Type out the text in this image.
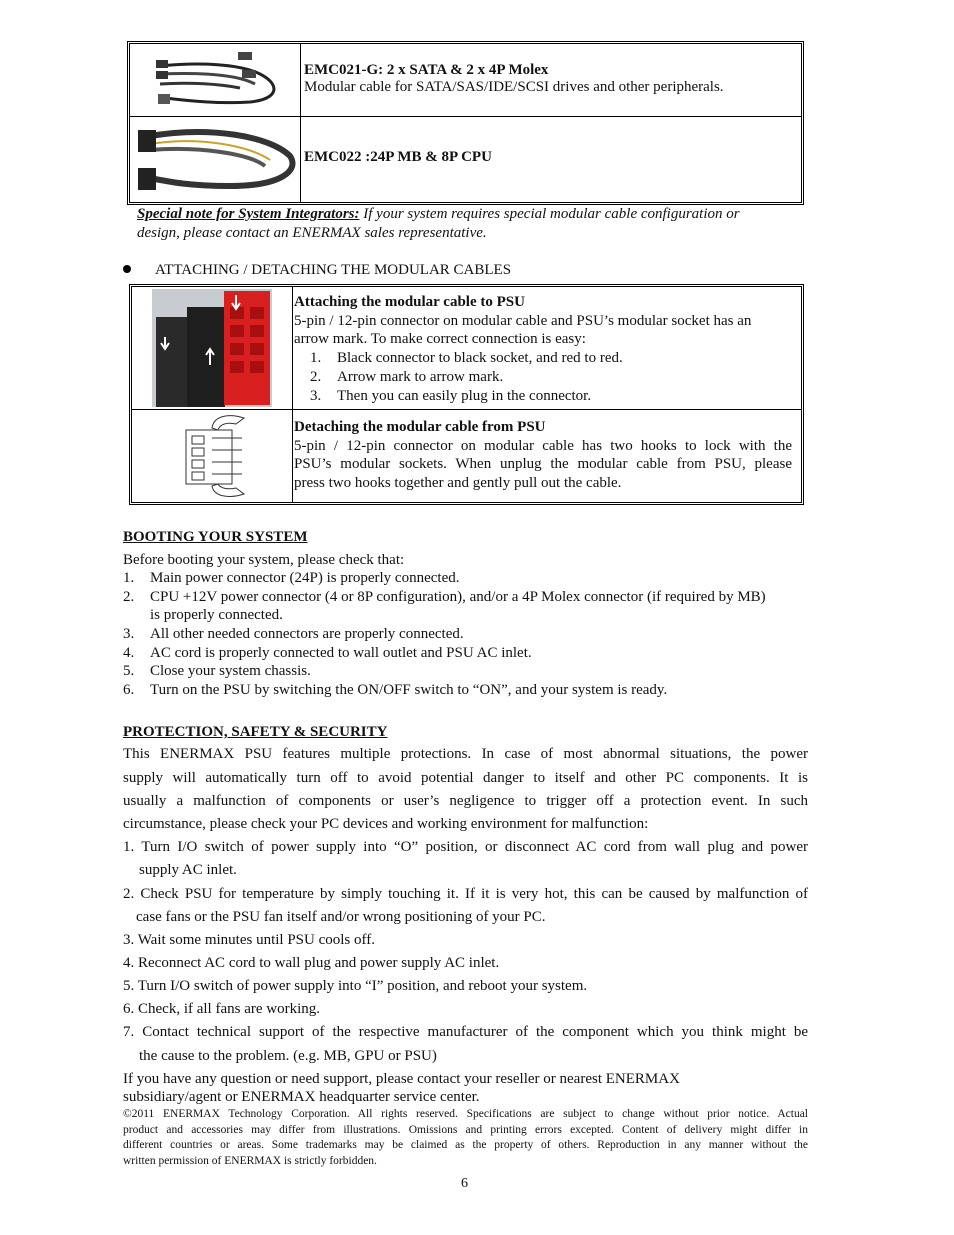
EMC021-G: 2 x SATA & 2 x 4P Molex
Modular cable for SATA/SAS/IDE/SCSI drives and other peripherals.
EMC022 :24P MB & 8P CPU
Special note for System Integrators: If your system requires special modular cable configuration or
design, please contact an ENERMAX sales representative.
ATTACHING / DETACHING THE MODULAR CABLES
Attaching the modular cable to PSU
5-pin / 12-pin connector on modular cable and PSU’s modular socket has an
arrow mark. To make correct connection is easy:
1. Black connector to black socket, and red to red.
2. Arrow mark to arrow mark.
3. Then you can easily plug in the connector.
Detaching the modular cable from PSU
5-pin / 12-pin connector on modular cable has two hooks to lock with the
PSU’s modular sockets. When unplug the modular cable from PSU, please
press two hooks together and gently pull out the cable.
BOOTING YOUR SYSTEM
Before booting your system, please check that:
1. Main power connector (24P) is properly connected.
2. CPU +12V power connector (4 or 8P configuration), and/or a 4P Molex connector (if required by MB)
is properly connected.
3. All other needed connectors are properly connected.
4. AC cord is properly connected to wall outlet and PSU AC inlet.
5. Close your system chassis.
6. Turn on the PSU by switching the ON/OFF switch to “ON”, and your system is ready.
PROTECTION, SAFETY & SECURITY
This ENERMAX PSU features multiple protections. In case of most abnormal situations, the power
supply will automatically turn off to avoid potential danger to itself and other PC components. It is
usually a malfunction of components or user’s negligence to trigger off a protection event. In such
circumstance, please check your PC devices and working environment for malfunction:
1. Turn I/O switch of power supply into “O” position, or disconnect AC cord from wall plug and power
supply AC inlet.
2. Check PSU for temperature by simply touching it. If it is very hot, this can be caused by malfunction of
case fans or the PSU fan itself and/or wrong positioning of your PC.
3. Wait some minutes until PSU cools off.
4. Reconnect AC cord to wall plug and power supply AC inlet.
5. Turn I/O switch of power supply into “I” position, and reboot your system.
6. Check, if all fans are working.
7. Contact technical support of the respective manufacturer of the component which you think might be
the cause to the problem. (e.g. MB, GPU or PSU)
If you have any question or need support, please contact your reseller or nearest ENERMAX
subsidiary/agent or ENERMAX headquarter service center.
©2011 ENERMAX Technology Corporation. All rights reserved. Specifications are subject to change without prior notice. Actual
product and accessories may differ from illustrations. Omissions and printing errors excepted. Content of delivery might differ in
different countries or areas. Some trademarks may be claimed as the property of others. Reproduction in any manner without the
written permission of ENERMAX is strictly forbidden.
6
